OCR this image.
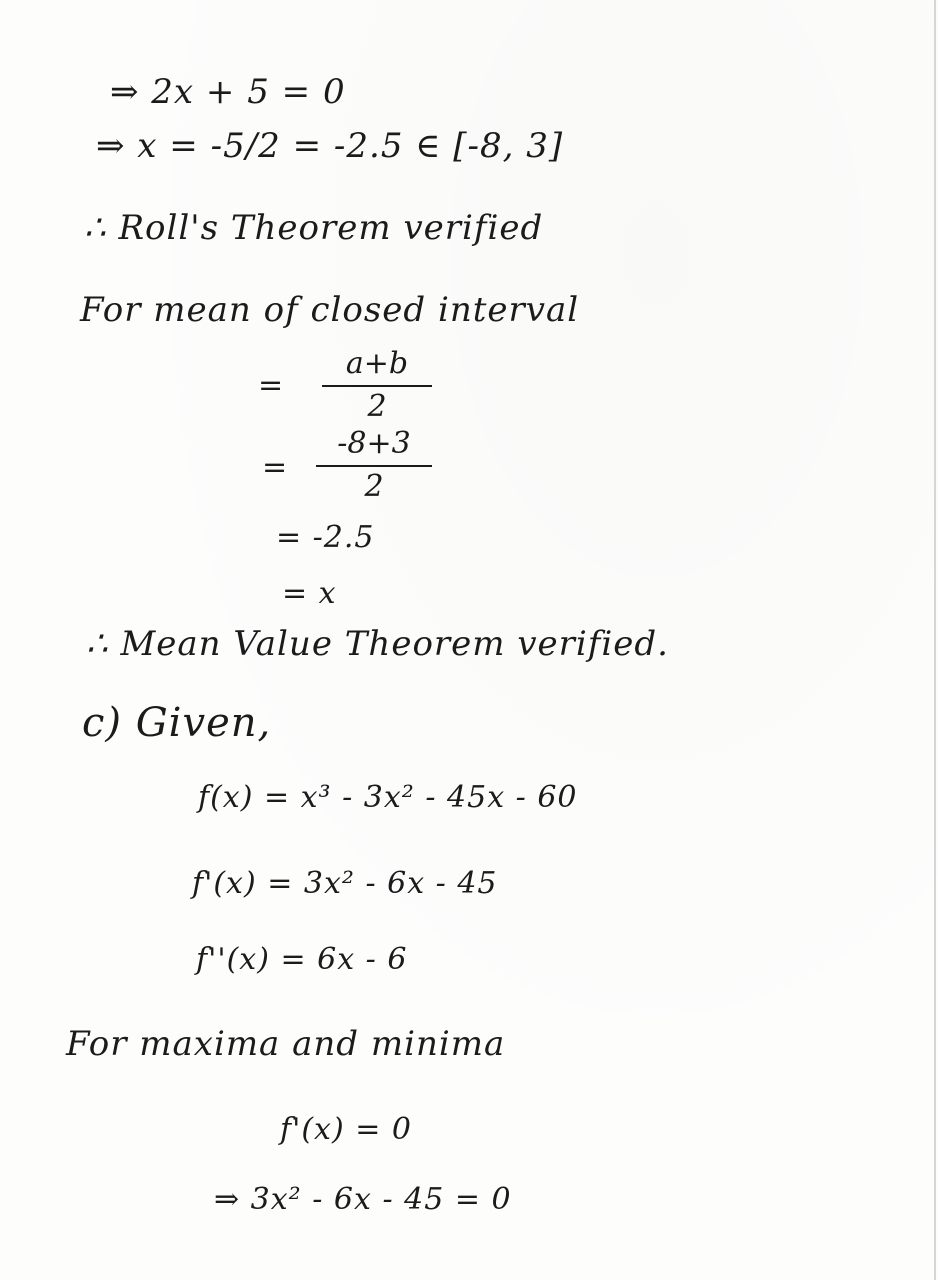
⇒ 2x + 5 = 0
⇒ x = -5/2 = -2.5 ∈ [-8, 3]
∴ Roll's Theorem verified
For mean of closed interval
=
a+b
2
=
-8+3
2
= -2.5
= x
∴ Mean Value Theorem verified.
c) Given,
f(x) = x³ - 3x² - 45x - 60
f'(x) = 3x² - 6x - 45
f''(x) = 6x - 6
For maxima and minima
f'(x) = 0
⇒ 3x² - 6x - 45 = 0
